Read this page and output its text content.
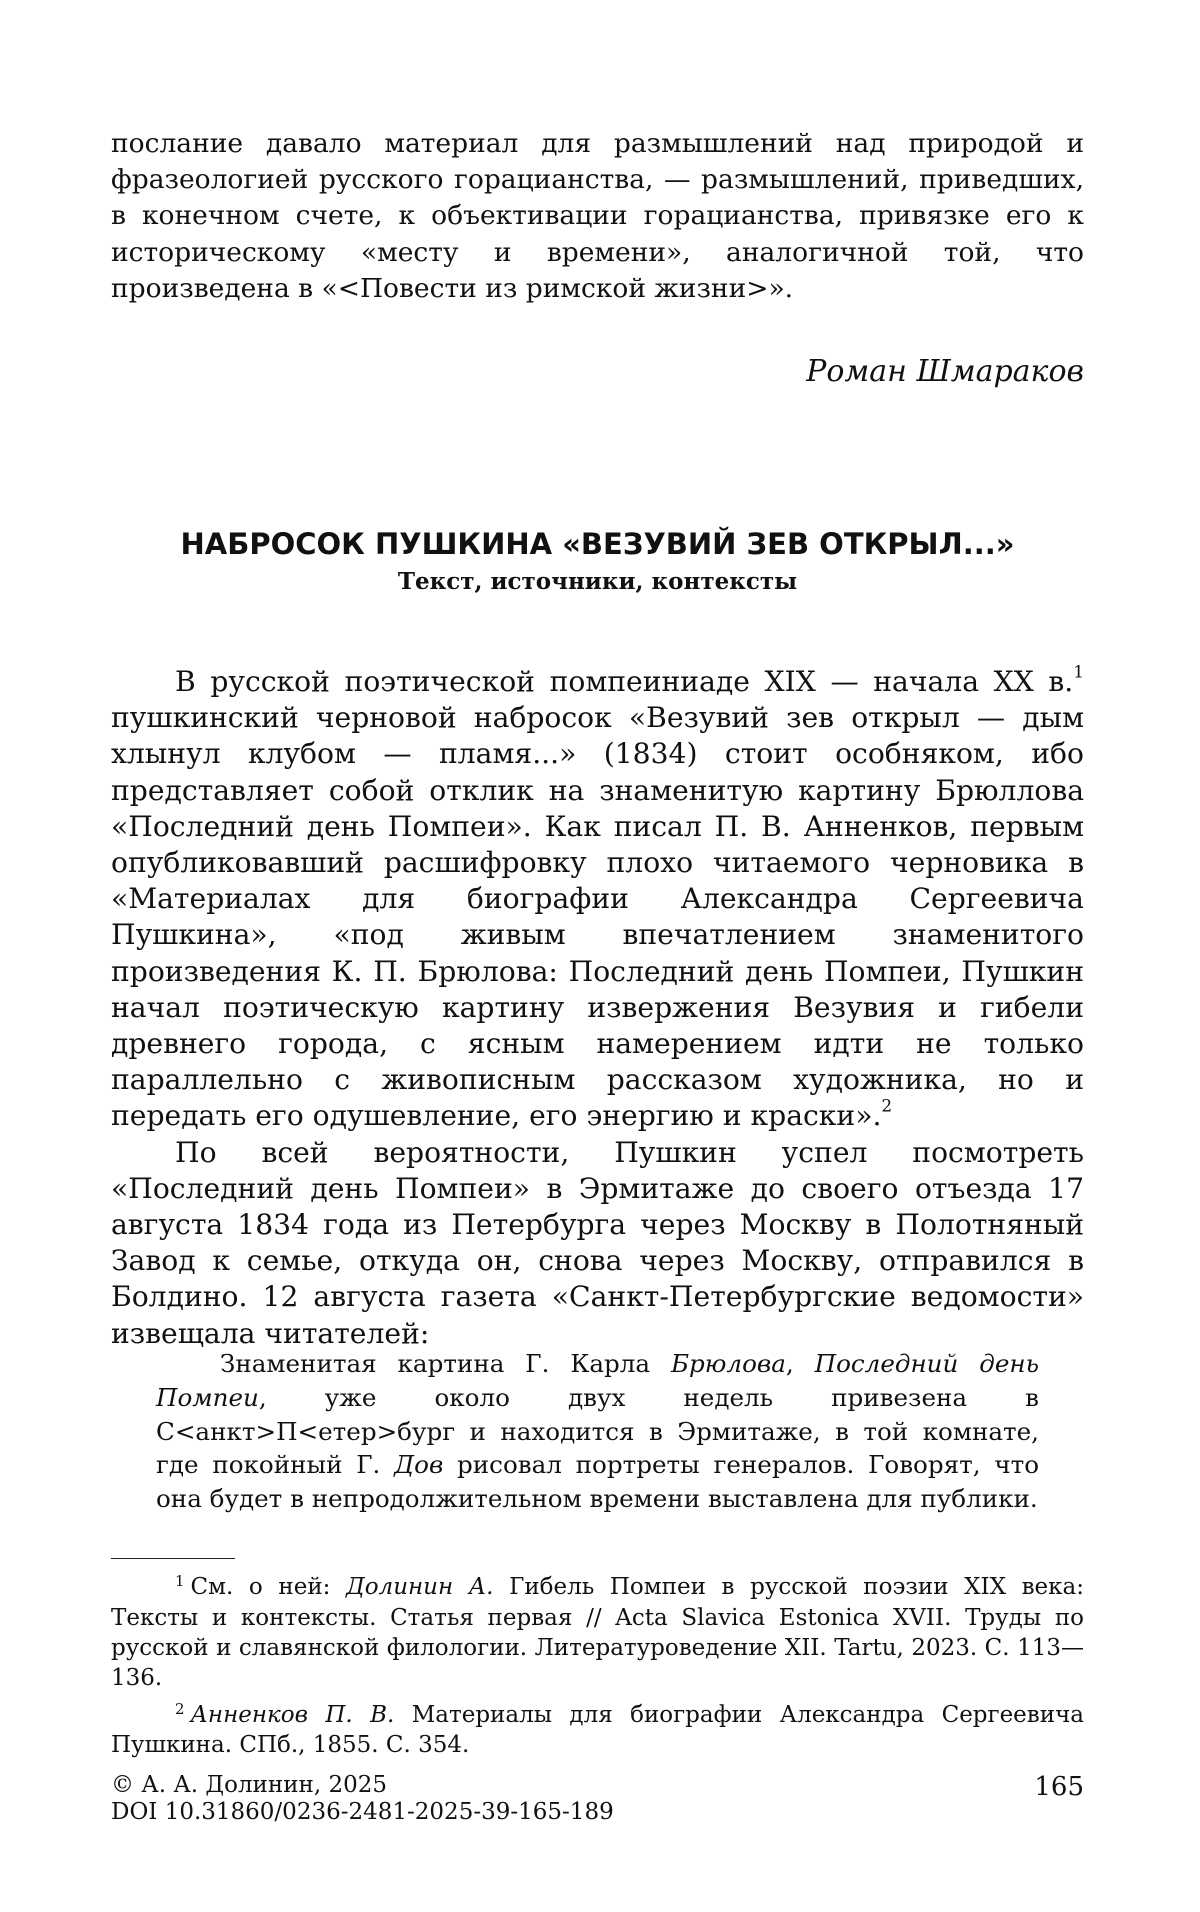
послание давало материал для размышлений над природой и фразеологией русского горацианства, — размышлений, приведших, в конечном счете, к объективации горацианства, привязке его к историческому «месту и времени», аналогичной той, что произведена в «<Повести из римской жизни>».

Роман Шмараков
НАБРОСОК ПУШКИНА «ВЕЗУВИЙ ЗЕВ ОТКРЫЛ...»
Текст, источники, контексты

В русской поэтической помпеиниаде XIX — начала XX в.$^1$ пушкинский черновой набросок «Везувий зев открыл — дым хлынул клубом — пламя...» (1834) стоит особняком, ибо представляет собой отклик на знаменитую картину Брюллова «Последний день Помпеи». Как писал П. В. Анненков, первым опубликовавший расшифровку плохо читаемого черновика в «Материалах для биографии Александра Сергеевича Пушкина», «под живым впечатлением знаменитого произведения К. П. Брюлова: Последний день Помпеи, Пушкин начал поэтическую картину извержения Везувия и гибели древнего города, с ясным намерением идти не только параллельно с живописным рассказом художника, но и передать его одушевление, его энергию и краски».$^2$

По всей вероятности, Пушкин успел посмотреть «Последний день Помпеи» в Эрмитаже до своего отъезда 17 августа 1834 года из Петербурга через Москву в Полотняный Завод к семье, откуда он, снова через Москву, отправился в Болдино. 12 августа газета «Санкт-Петербургские ведомости» извещала читателей:

Знаменитая картина Г. Карла Брюлова, Последний день Помпеи, уже около двух недель привезена в С<анкт>П<етер>бург и находится в Эрмитаже, в той комнате, где покойный Г. Дов рисовал портреты генералов. Говорят, что она будет в непродолжительном времени выставлена для публики.

$^1$ См. о ней: Долинин А. Гибель Помпеи в русской поэзии XIX века: Тексты и контексты. Статья первая // Acta Slavica Estonica XVII. Труды по русской и славянской филологии. Литературоведение XII. Tartu, 2023. С. 113—136.

$^2$ Анненков П. В. Материалы для биографии Александра Сергеевича Пушкина. СПб., 1855. С. 354.

© А. А. Долинин, 2025
DOI 10.31860/0236-2481-2025-39-165-189
165
